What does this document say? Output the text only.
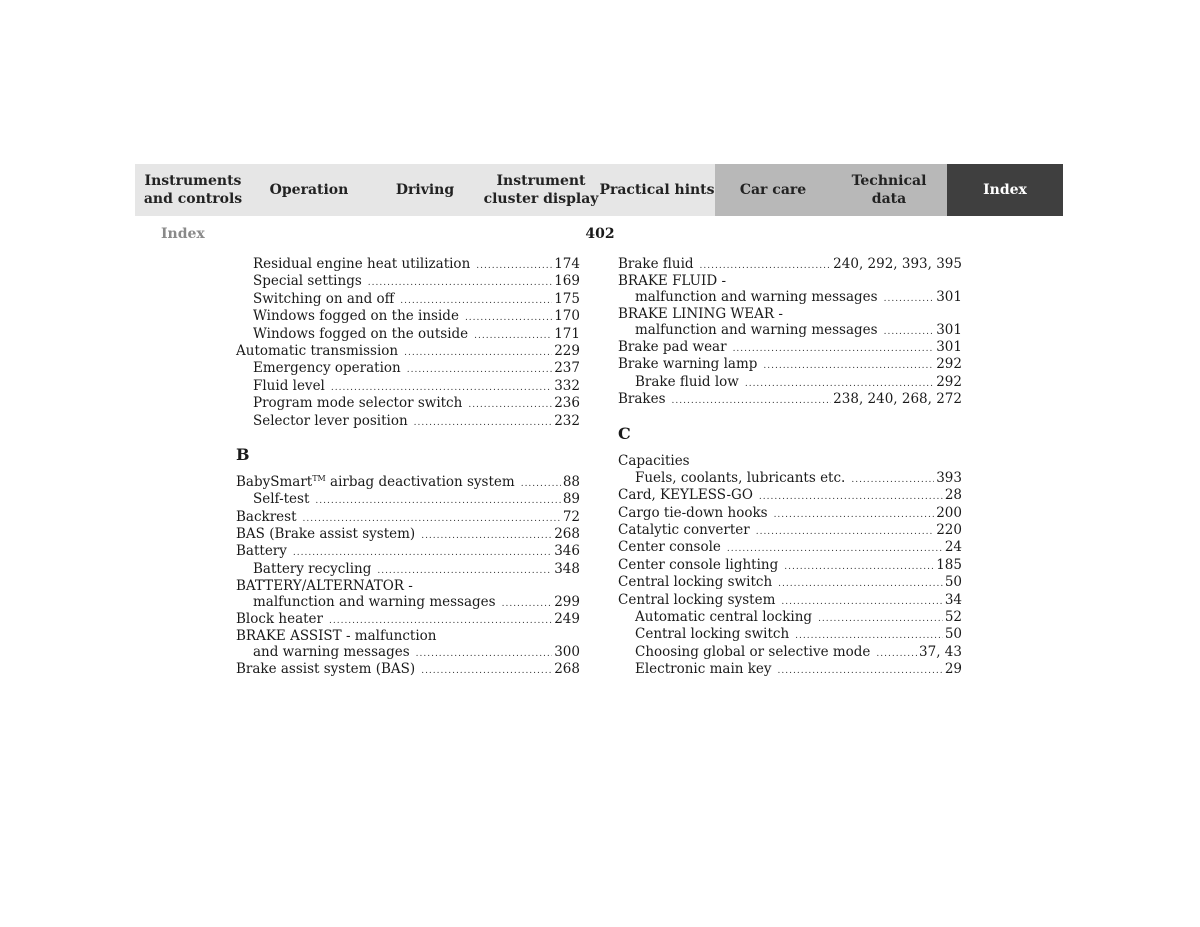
Instruments
and controls
Operation	Driving
Instrument
cluster display
Practical hints	Car care
Technical
data
Index
Index	402
Residual engine heat utilization .....	174
Special settings .....	169
Switching on and off .....	175
Windows fogged on the inside .....	170
Windows fogged on the outside .....	171
Automatic transmission .....	229
Emergency operation .....	237
Fluid level .....	332
Program mode selector switch .....	236
Selector lever position .....	232
B
BabySmart™ airbag deactivation system .....	88
Self-test .....	89
Backrest .....	72
BAS (Brake assist system) .....	268
Battery .....	346
Battery recycling .....	348
BATTERY/ALTERNATOR -
malfunction and warning messages .....	299
Block heater .....	249
BRAKE ASSIST - malfunction
and warning messages .....	300
Brake assist system (BAS) .....	268
Brake fluid .....	240, 292, 393, 395
BRAKE FLUID -
malfunction and warning messages .....	301
BRAKE LINING WEAR -
malfunction and warning messages .....	301
Brake pad wear .....	301
Brake warning lamp .....	292
Brake fluid low .....	292
Brakes .....	238, 240, 268, 272
C
Capacities
Fuels, coolants, lubricants etc. .....	393
Card, KEYLESS-GO .....	28
Cargo tie-down hooks .....	200
Catalytic converter .....	220
Center console .....	24
Center console lighting .....	185
Central locking switch .....	50
Central locking system .....	34
Automatic central locking .....	52
Central locking switch .....	50
Choosing global or selective mode .....	37, 43
Electronic main key .....	29
